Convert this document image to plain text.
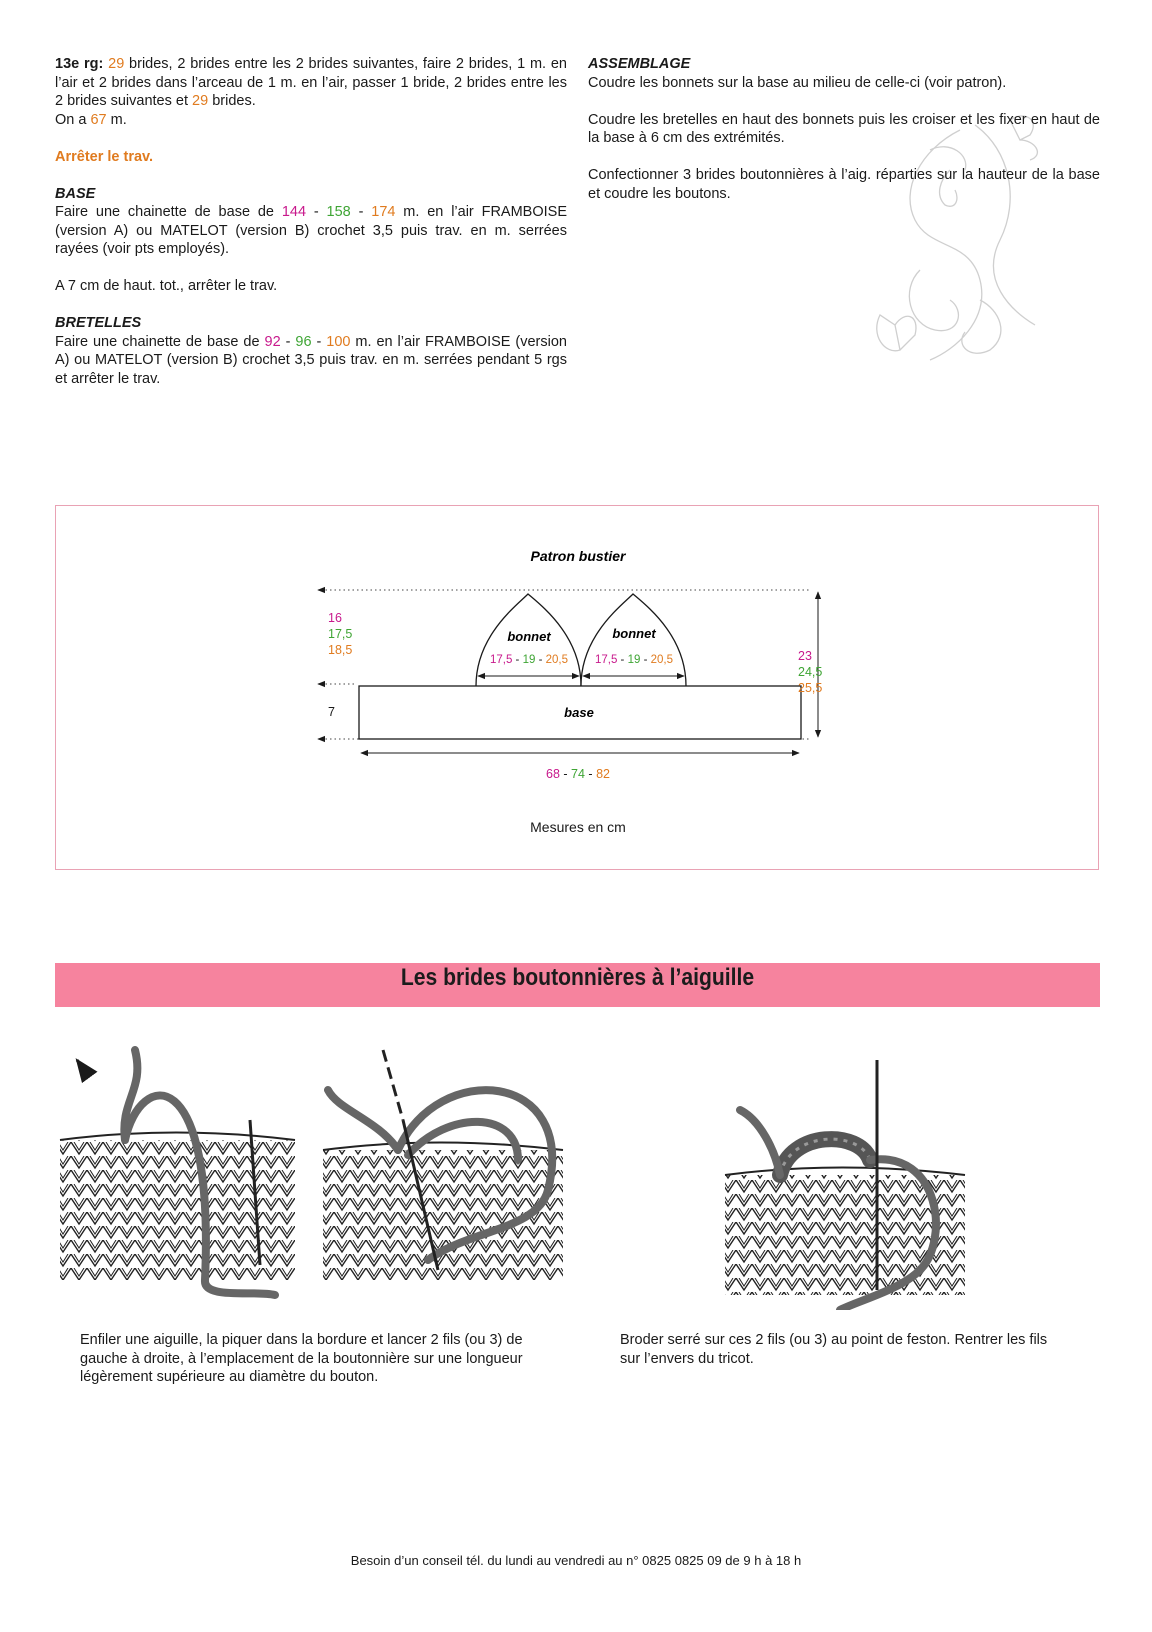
13e rg: 29 brides, 2 brides entre les 2 brides suivantes, faire 2 brides, 1 m. en l’air et 2 brides dans l’arceau de 1 m. en l’air, passer 1 bride, 2 brides entre les 2 brides suivantes et 29 brides.

On a 67 m.

Arrêter le trav.

BASE

Faire une chainette de base de 144 - 158 - 174 m. en l’air FRAMBOISE (version A) ou MATELOT (version B) crochet 3,5 puis trav. en m. serrées rayées (voir pts employés).

A 7 cm de haut. tot., arrêter le trav.

BRETELLES

Faire une chainette de base de 92 - 96 - 100 m. en l’air FRAMBOISE (version A) ou MATELOT (version B) crochet 3,5 puis trav. en m. serrées pendant 5 rgs et arrêter le trav.

ASSEMBLAGE

Coudre les bonnets sur la base au milieu de celle-ci (voir patron).

Coudre les bretelles en haut des bonnets puis les croiser et les fixer en haut de la base à 6 cm des extrémités.

Confectionner 3 brides boutonnières à l’aig. réparties sur la hauteur de la base et coudre les boutons.

Patron bustier
16
17,5
18,5
7
bonnet	bonnet
17,5 - 19 - 20,5 17,5 - 19 - 20,5
base
68 - 74 - 82
23
24,5
25,5
Mesures en cm
Les brides boutonnières à l’aiguille

Enfiler une aiguille, la piquer dans la bordure et lancer 2 fils (ou 3) de gauche à droite, à l’emplacement de la boutonnière sur une longueur légèrement supérieure au diamètre du bouton.

Broder serré sur ces 2 fils (ou 3) au point de feston. Rentrer les fils sur l’envers du tricot.

Besoin d’un conseil tél. du lundi au vendredi au n° 0825 0825 09 de 9 h à 18 h
